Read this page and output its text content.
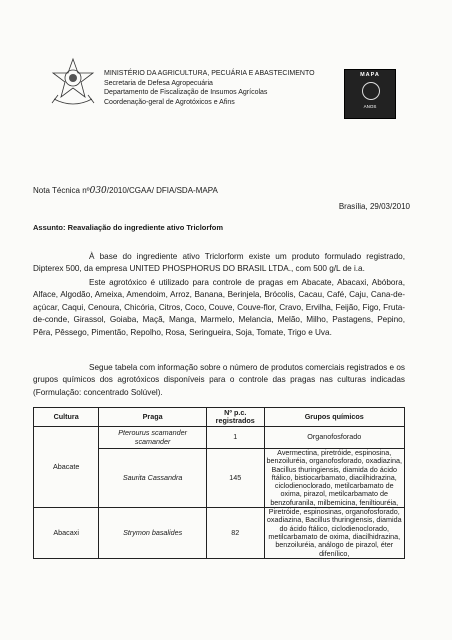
MINISTÉRIO DA AGRICULTURA, PECUÁRIA E ABASTECIMENTO
Secretaria de Defesa Agropecuária
Departamento de Fiscalização de Insumos Agrícolas
Coordenação-geral de Agrotóxicos e Afins
MAPA
ANOS
Nota Técnica nº030/2010/CGAA/ DFIA/SDA-MAPA
Brasília, 29/03/2010
Assunto: Reavaliação do ingrediente ativo Triclorfom
À base do ingrediente ativo Triclorform existe um produto formulado registrado, Dipterex 500, da empresa UNITED PHOSPHORUS DO BRASIL LTDA., com 500 g/L de i.a.
Este agrotóxico é utilizado para controle de pragas em Abacate, Abacaxi, Abóbora, Alface, Algodão, Ameixa, Amendoim, Arroz, Banana, Berinjela, Brócolis, Cacau, Café, Caju, Cana-de-açúcar, Caqui, Cenoura, Chicória, Citros, Coco, Couve, Couve-flor, Cravo, Ervilha, Feijão, Figo, Fruta-de-conde, Girassol, Goiaba, Maçã, Manga, Marmelo, Melancia, Melão, Milho, Pastagens, Pepino, Pêra, Pêssego, Pimentão, Repolho, Rosa, Seringueira, Soja, Tomate, Trigo e Uva.
Segue tabela com informação sobre o número de produtos comerciais registrados e os grupos químicos dos agrotóxicos disponíveis para o controle das pragas nas culturas indicadas (Formulação: concentrado Solúvel).
Cultura	Praga	Nº p.c. registrados	Grupos químicos
Abacate	Pterourus scamander scamander	1	Organofosforado
	Saurita Cassandra	145	Avermectina, piretróide, espinosina, benzoiluréia, organofosforado, oxadiazina, Bacillus thuringiensis, diamida do ácido ftálico, bistiocarbamato, diacilhidrazina, ciclodienoclorado, metilcarbamato de oxima, pirazol, metilcarbamato de benzofuranila, milbemicina, feniltiouréia,
Abacaxi	Strymon basalides	82	Piretróide, espinosinas, organofosforado, oxadiazina, Bacillus thuringiensis, diamida do ácido ftálico, ciclodienoclorado, metilcarbamato de oxima, diacilhidrazina, benzoiluréia, análogo de pirazol, éter difenílico,
